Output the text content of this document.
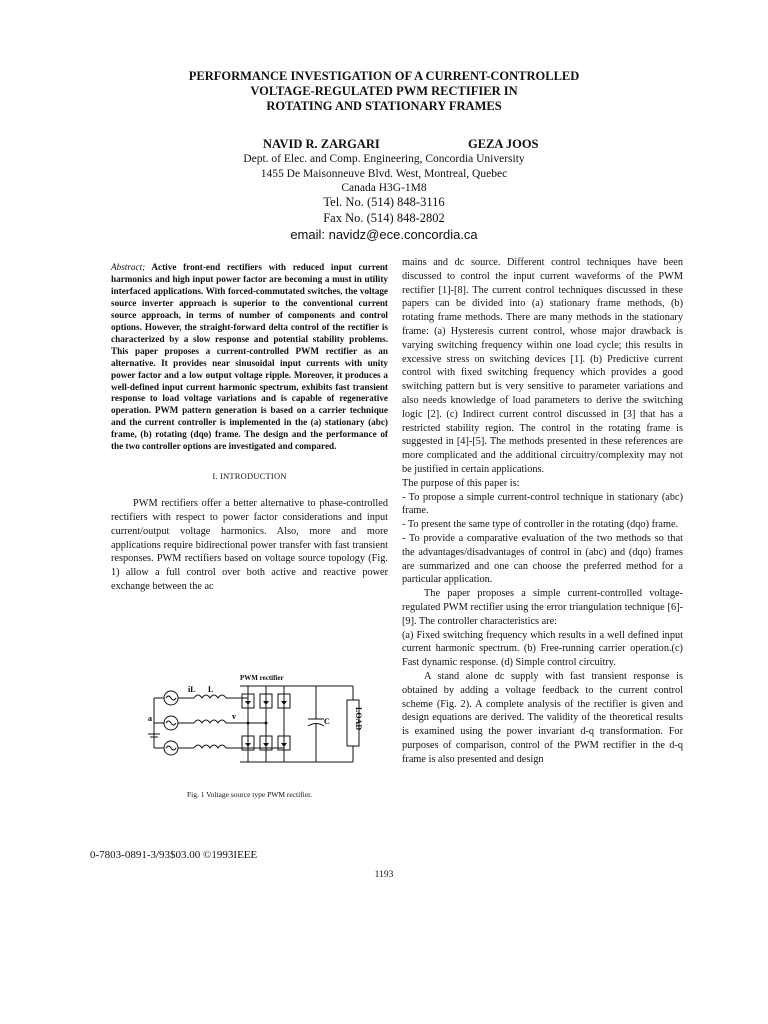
PERFORMANCE INVESTIGATION OF A CURRENT-CONTROLLED
VOLTAGE-REGULATED PWM RECTIFIER IN
ROTATING AND STATIONARY FRAMES
NAVID R. ZARGARI	GEZA JOOS
Dept. of Elec. and Comp. Engineering, Concordia University
1455 De Maisonneuve Blvd. West, Montreal, Quebec
Canada H3G-1M8
Tel. No. (514) 848-3116
Fax No. (514) 848-2802
email: navidz@ece.concordia.ca

Abstract; Active front-end rectifiers with reduced input current harmonics and high input power factor are becoming a must in utility interfaced applications. With forced-commutated switches, the voltage source inverter approach is superior to the conventional current source approach, in terms of number of components and control options. However, the straight-forward delta control of the rectifier is characterized by a slow response and potential stability problems. This paper proposes a current-controlled PWM rectifier as an alternative. It provides near sinusoidal input currents with unity power factor and a low output voltage ripple. Moreover, it produces a well-defined input current harmonic spectrum, exhibits fast transient response to load voltage variations and is capable of regenerative operation. PWM pattern generation is based on a carrier technique and the current controller is implemented in the (a) stationary (abc) frame, (b) rotating (dqo) frame. The design and the performance of the two controller options are investigated and compared.

I. INTRODUCTION

PWM rectifiers offer a better alternative to phase-controlled rectifiers with respect to power factor considerations and input current/output voltage harmonics. Also, more and more applications require bidirectional power transfer with fast transient responses. PWM rectifiers based on voltage source topology (Fig. 1) allow a full control over both active and reactive power exchange between the ac

PWM rectifier
iL L
v
a	C	LOAD
Fig. 1 Voltage source type PWM rectifier.

mains and dc source. Different control techniques have been discussed to control the input current waveforms of the PWM rectifier [1]-[8]. The current control techniques discussed in these papers can be divided into (a) stationary frame methods, (b) rotating frame methods. There are many methods in the stationary frame: (a) Hysteresis current control, whose major drawback is varying switching frequency within one load cycle; this results in excessive stress on switching devices [1]. (b) Predictive current control with fixed switching frequency which provides a good switching pattern but is very sensitive to parameter variations and also needs knowledge of load parameters to derive the switching logic [2]. (c) Indirect current control discussed in [3] that has a restricted stability region. The control in the rotating frame is suggested in [4]-[5]. The methods presented in these references are more complicated and the additional circuitry/complexity may not be justified in certain applications.

The purpose of this paper is:

- To propose a simple current-control technique in stationary (abc) frame.

- To present the same type of controller in the rotating (dqo) frame.

- To provide a comparative evaluation of the two methods so that the advantages/disadvantages of control in (abc) and (dqo) frames are summarized and one can choose the preferred method for a particular application.

The paper proposes a simple current-controlled voltage-regulated PWM rectifier using the error triangulation technique [6]-[9]. The controller characteristics are:

(a) Fixed switching frequency which results in a well defined input current harmonic spectrum. (b) Free-running carrier operation.(c) Fast dynamic response. (d) Simple control circuitry.

A stand alone dc supply with fast transient response is obtained by adding a voltage feedback to the current control scheme (Fig. 2). A complete analysis of the rectifier is given and design equations are derived. The validity of the theoretical results is examined using the power invariant d-q transformation. For purposes of comparison, control of the PWM rectifier in the d-q frame is also presented and design

0-7803-0891-3/93$03.00 ©1993IEEE
1193
